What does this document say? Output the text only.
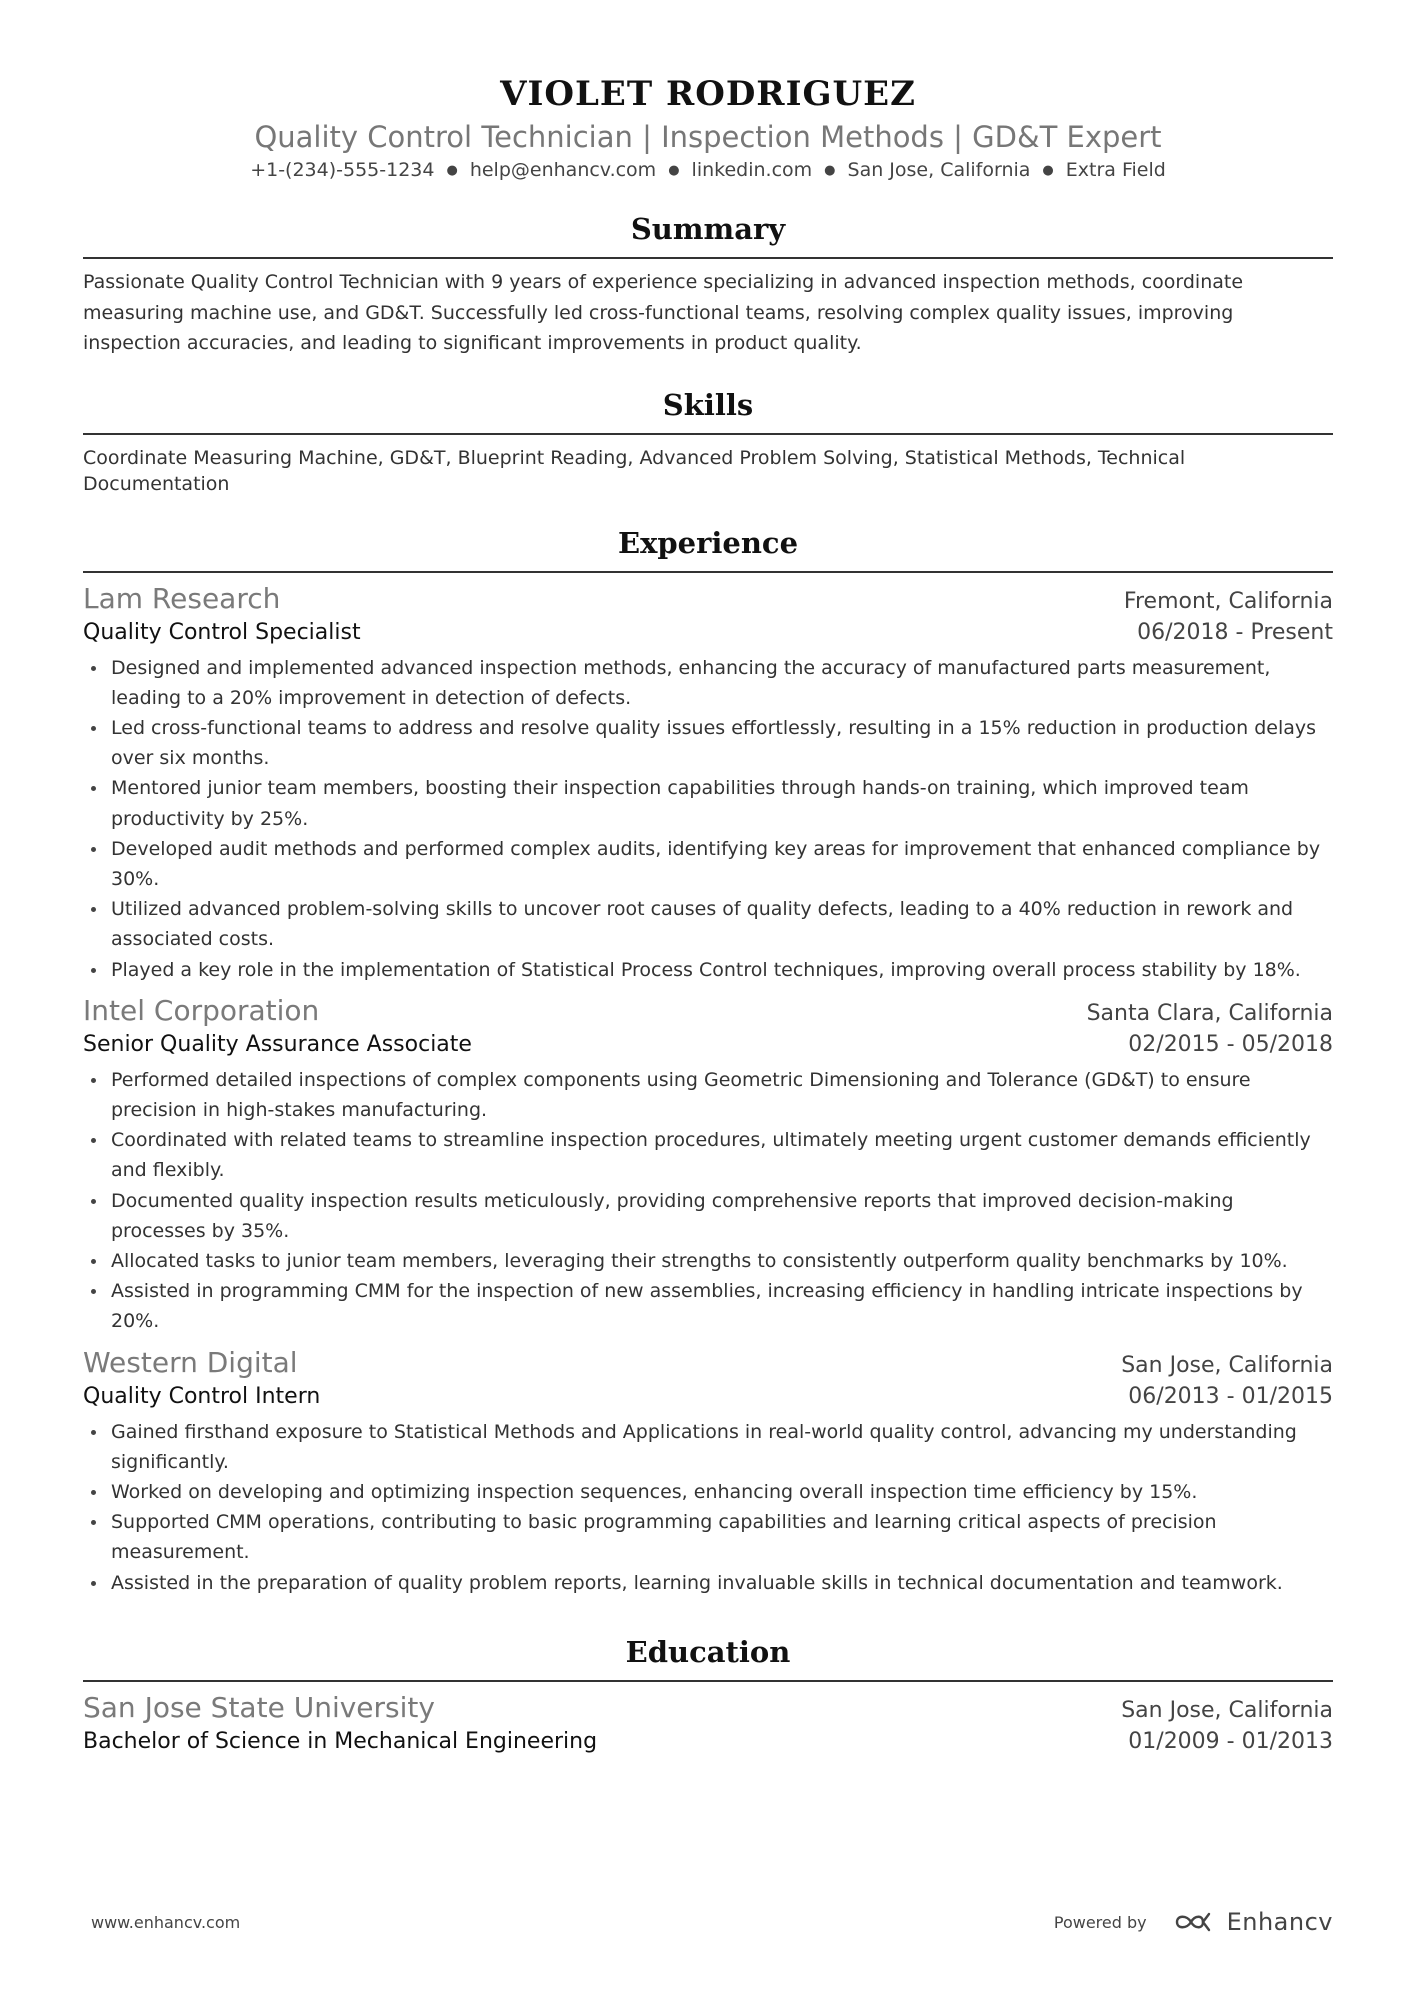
VIOLET RODRIGUEZ
Quality Control Technician | Inspection Methods | GD&T Expert
+1-(234)-555-1234 ● help@enhancv.com ● linkedin.com ● San Jose, California ● Extra Field
Summary
Passionate Quality Control Technician with 9 years of experience specializing in advanced inspection methods, coordinate measuring machine use, and GD&T. Successfully led cross-functional teams, resolving complex quality issues, improving inspection accuracies, and leading to significant improvements in product quality.
Skills
Coordinate Measuring Machine, GD&T, Blueprint Reading, Advanced Problem Solving, Statistical Methods, Technical Documentation
Experience
Lam Research	Fremont, California
Quality Control Specialist	06/2018 - Present
Designed and implemented advanced inspection methods, enhancing the accuracy of manufactured parts measurement, leading to a 20% improvement in detection of defects.
Led cross-functional teams to address and resolve quality issues effortlessly, resulting in a 15% reduction in production delays over six months.
Mentored junior team members, boosting their inspection capabilities through hands-on training, which improved team productivity by 25%.
Developed audit methods and performed complex audits, identifying key areas for improvement that enhanced compliance by 30%.
Utilized advanced problem-solving skills to uncover root causes of quality defects, leading to a 40% reduction in rework and associated costs.
Played a key role in the implementation of Statistical Process Control techniques, improving overall process stability by 18%.
Intel Corporation	Santa Clara, California
Senior Quality Assurance Associate	02/2015 - 05/2018
Performed detailed inspections of complex components using Geometric Dimensioning and Tolerance (GD&T) to ensure precision in high-stakes manufacturing.
Coordinated with related teams to streamline inspection procedures, ultimately meeting urgent customer demands efficiently and flexibly.
Documented quality inspection results meticulously, providing comprehensive reports that improved decision-making processes by 35%.
Allocated tasks to junior team members, leveraging their strengths to consistently outperform quality benchmarks by 10%.
Assisted in programming CMM for the inspection of new assemblies, increasing efficiency in handling intricate inspections by 20%.
Western Digital	San Jose, California
Quality Control Intern	06/2013 - 01/2015
Gained firsthand exposure to Statistical Methods and Applications in real-world quality control, advancing my understanding significantly.
Worked on developing and optimizing inspection sequences, enhancing overall inspection time efficiency by 15%.
Supported CMM operations, contributing to basic programming capabilities and learning critical aspects of precision measurement.
Assisted in the preparation of quality problem reports, learning invaluable skills in technical documentation and teamwork.
Education
San Jose State University	San Jose, California
Bachelor of Science in Mechanical Engineering	01/2009 - 01/2013
www.enhancv.com	Powered by	Enhancv
